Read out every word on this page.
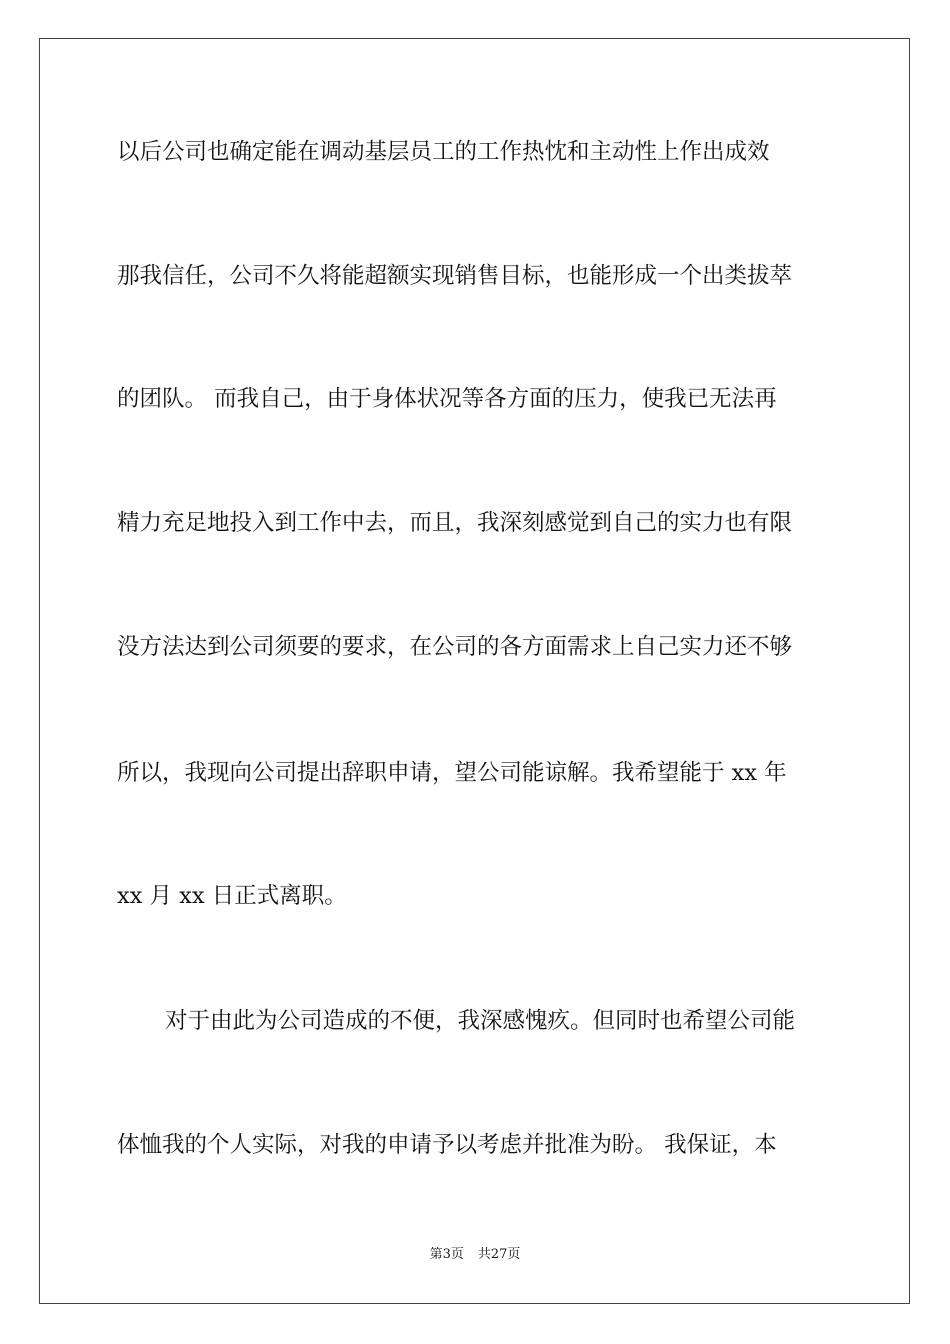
以后公司也确定能在调动基层员工的工作热忱和主动性上作出成效
那我信任，公司不久将能超额实现销售目标，也能形成一个出类拔萃
的团队。 而我自己，由于身体状况等各方面的压力，使我已无法再
精力充足地投入到工作中去，而且，我深刻感觉到自己的实力也有限
没方法达到公司须要的要求，在公司的各方面需求上自己实力还不够
所以，我现向公司提出辞职申请，望公司能谅解。我希望能于 xx 年
xx 月 xx 日正式离职。
对于由此为公司造成的不便，我深感愧疚。但同时也希望公司能
体恤我的个人实际，对我的申请予以考虑并批准为盼。 我保证，本
第3页 共27页
